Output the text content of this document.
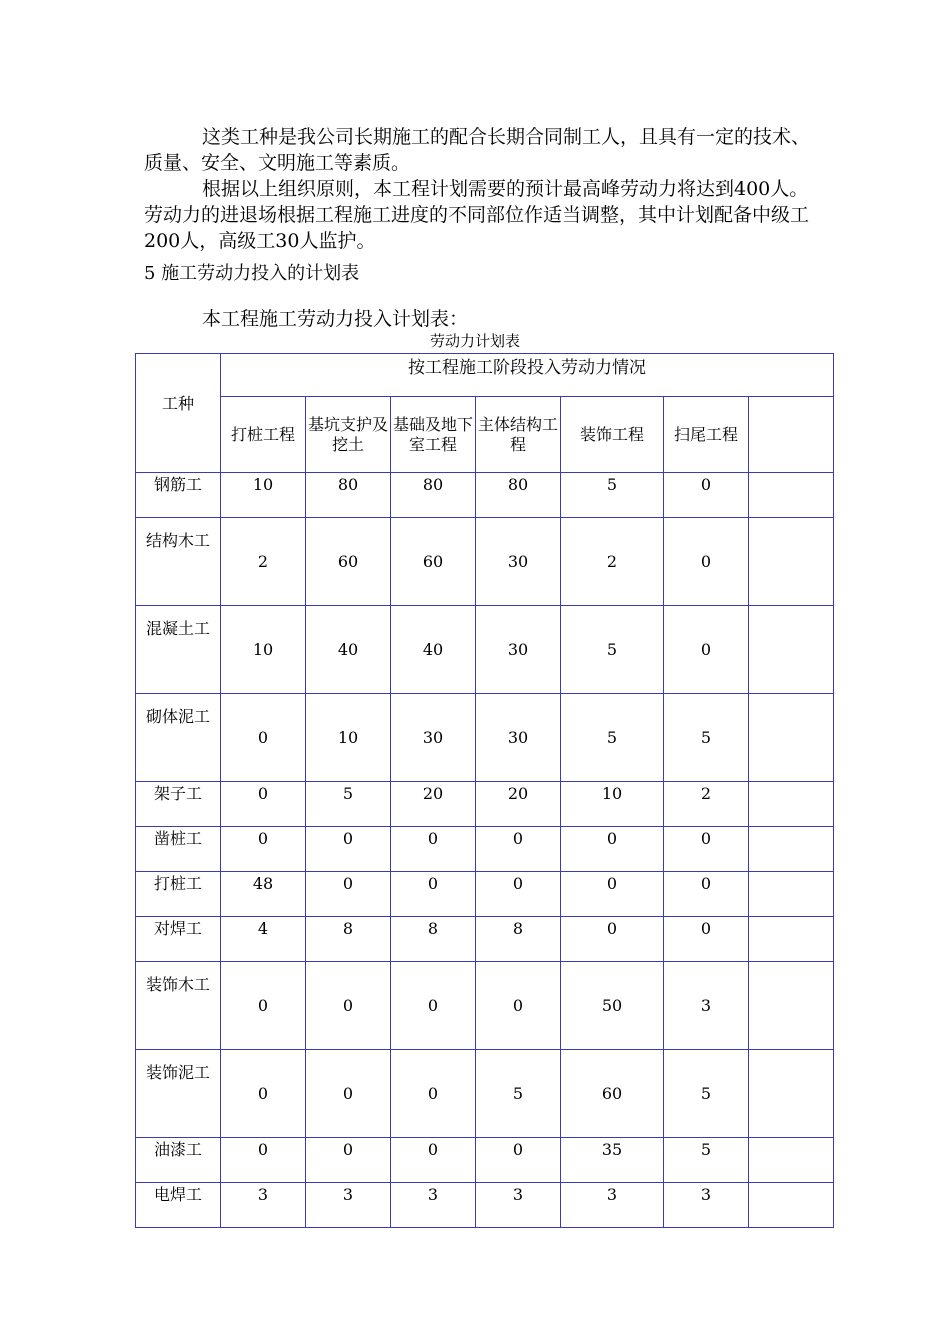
这类工种是我公司长期施工的配合长期合同制工人，且具有一定的技术、质量、安全、文明施工等素质。

根据以上组织原则，本工程计划需要的预计最高峰劳动力将达到400人。劳动力的进退场根据工程施工进度的不同部位作适当调整，其中计划配备中级工200人，高级工30人监护。

5 施工劳动力投入的计划表
本工程施工劳动力投入计划表：
劳动力计划表
工种	按工程施工阶段投入劳动力情况						
	打桩工程	基坑支护及挖土	基础及地下室工程	主体结构工程	装饰工程	扫尾工程	
钢筋工	10	80	80	80	5	0	
结构木工	2	60	60	30	2	0	
混凝土工	10	40	40	30	5	0	
砌体泥工	0	10	30	30	5	5	
架子工	0	5	20	20	10	2	
凿桩工	0	0	0	0	0	0	
打桩工	48	0	0	0	0	0	
对焊工	4	8	8	8	0	0	
装饰木工	0	0	0	0	50	3	
装饰泥工	0	0	0	5	60	5	
油漆工	0	0	0	0	35	5	
电焊工	3	3	3	3	3	3	
